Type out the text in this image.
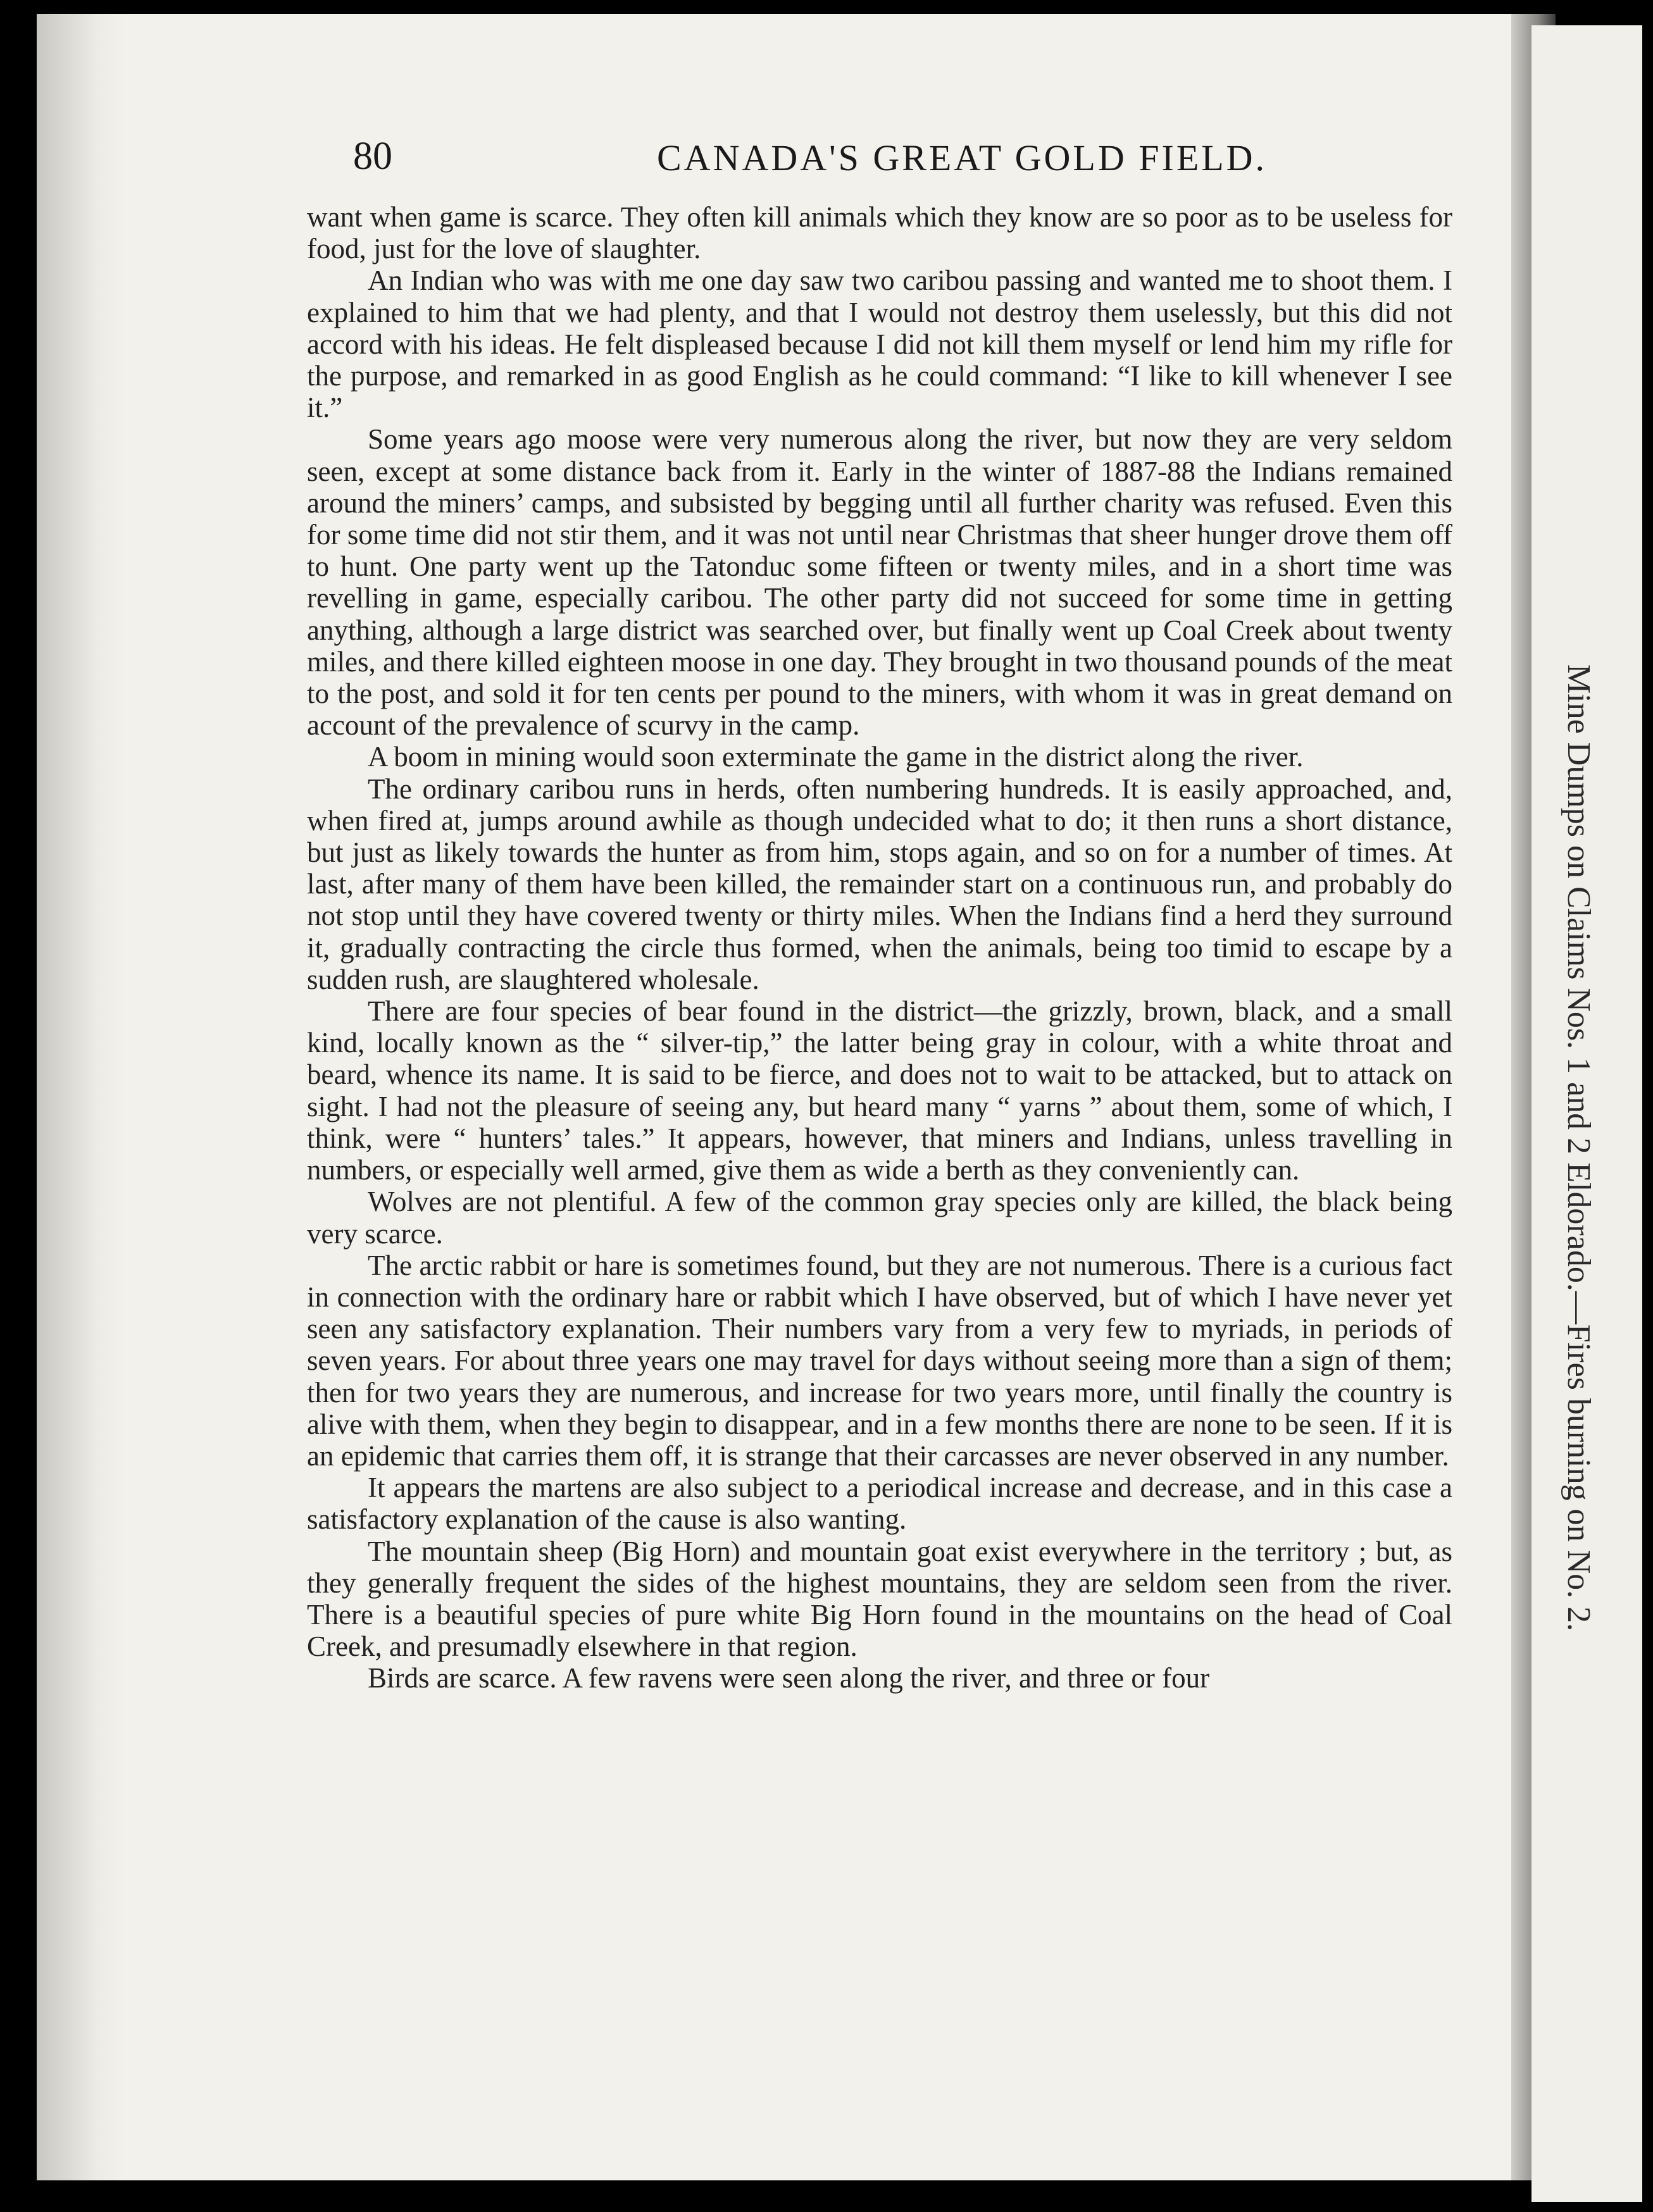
80	CANADA'S GREAT GOLD FIELD.

want when game is scarce. They often kill animals which they know are so poor as to be useless for food, just for the love of slaughter.

An Indian who was with me one day saw two caribou passing and wanted me to shoot them. I explained to him that we had plenty, and that I would not destroy them uselessly, but this did not accord with his ideas. He felt displeased because I did not kill them myself or lend him my rifle for the purpose, and remarked in as good English as he could command: “I like to kill whenever I see it.”

Some years ago moose were very numerous along the river, but now they are very seldom seen, except at some distance back from it. Early in the winter of 1887-88 the Indians remained around the miners’ camps, and subsisted by begging until all further charity was refused. Even this for some time did not stir them, and it was not until near Christmas that sheer hunger drove them off to hunt. One party went up the Tatonduc some fifteen or twenty miles, and in a short time was revelling in game, especially caribou. The other party did not succeed for some time in getting anything, although a large district was searched over, but finally went up Coal Creek about twenty miles, and there killed eighteen moose in one day. They brought in two thousand pounds of the meat to the post, and sold it for ten cents per pound to the miners, with whom it was in great demand on account of the prevalence of scurvy in the camp.

A boom in mining would soon exterminate the game in the district along the river.

The ordinary caribou runs in herds, often numbering hundreds. It is easily approached, and, when fired at, jumps around awhile as though undecided what to do; it then runs a short distance, but just as likely towards the hunter as from him, stops again, and so on for a number of times. At last, after many of them have been killed, the remainder start on a continuous run, and probably do not stop until they have covered twenty or thirty miles. When the Indians find a herd they surround it, gradually contracting the circle thus formed, when the animals, being too timid to escape by a sudden rush, are slaughtered wholesale.

There are four species of bear found in the district—the grizzly, brown, black, and a small kind, locally known as the “ silver-tip,” the latter being gray in colour, with a white throat and beard, whence its name. It is said to be fierce, and does not to wait to be attacked, but to attack on sight. I had not the pleasure of seeing any, but heard many “ yarns ” about them, some of which, I think, were “ hunters’ tales.” It appears, however, that miners and Indians, unless travelling in numbers, or especially well armed, give them as wide a berth as they conveniently can.

Wolves are not plentiful. A few of the common gray species only are killed, the black being very scarce.

The arctic rabbit or hare is sometimes found, but they are not numerous. There is a curious fact in connection with the ordinary hare or rabbit which I have observed, but of which I have never yet seen any satisfactory explanation. Their numbers vary from a very few to myriads, in periods of seven years. For about three years one may travel for days without seeing more than a sign of them; then for two years they are numerous, and increase for two years more, until finally the country is alive with them, when they begin to disappear, and in a few months there are none to be seen. If it is an epidemic that carries them off, it is strange that their carcasses are never observed in any number.

It appears the martens are also subject to a periodical increase and decrease, and in this case a satisfactory explanation of the cause is also wanting.

The mountain sheep (Big Horn) and mountain goat exist everywhere in the territory ; but, as they generally frequent the sides of the highest mountains, they are seldom seen from the river. There is a beautiful species of pure white Big Horn found in the mountains on the head of Coal Creek, and presumadly elsewhere in that region.

Birds are scarce. A few ravens were seen along the river, and three or four

Mine Dumps on Claims Nos. 1 and 2 Eldorado.—Fires burning on No. 2.
